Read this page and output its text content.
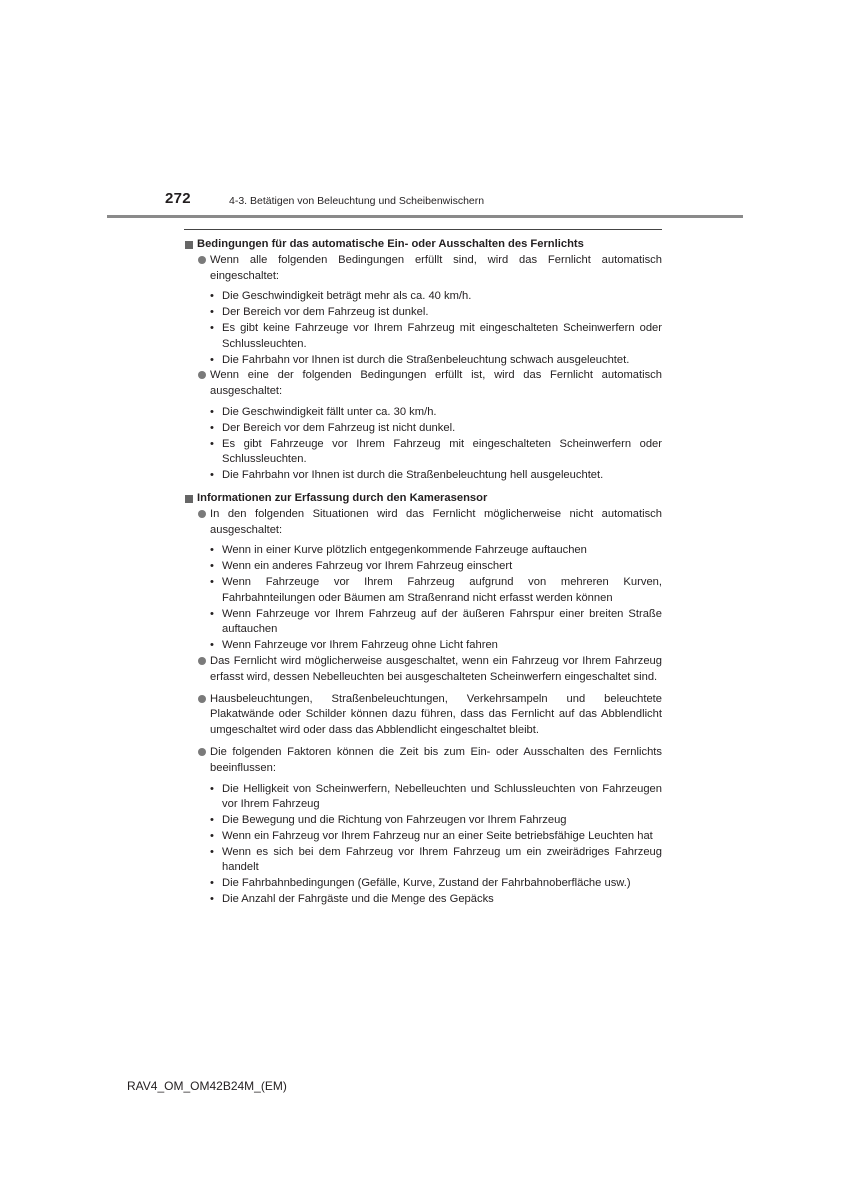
272	4-3. Betätigen von Beleuchtung und Scheibenwischern
Bedingungen für das automatische Ein- oder Ausschalten des Fernlichts
Wenn alle folgenden Bedingungen erfüllt sind, wird das Fernlicht automatisch eingeschaltet:
• Die Geschwindigkeit beträgt mehr als ca. 40 km/h.
• Der Bereich vor dem Fahrzeug ist dunkel.
• Es gibt keine Fahrzeuge vor Ihrem Fahrzeug mit eingeschalteten Scheinwerfern oder Schlussleuchten.
• Die Fahrbahn vor Ihnen ist durch die Straßenbeleuchtung schwach ausgeleuchtet.
Wenn eine der folgenden Bedingungen erfüllt ist, wird das Fernlicht automatisch ausgeschaltet:
• Die Geschwindigkeit fällt unter ca. 30 km/h.
• Der Bereich vor dem Fahrzeug ist nicht dunkel.
• Es gibt Fahrzeuge vor Ihrem Fahrzeug mit eingeschalteten Scheinwerfern oder Schlussleuchten.
• Die Fahrbahn vor Ihnen ist durch die Straßenbeleuchtung hell ausgeleuchtet.
Informationen zur Erfassung durch den Kamerasensor
In den folgenden Situationen wird das Fernlicht möglicherweise nicht automatisch ausgeschaltet:
• Wenn in einer Kurve plötzlich entgegenkommende Fahrzeuge auftauchen
• Wenn ein anderes Fahrzeug vor Ihrem Fahrzeug einschert
• Wenn Fahrzeuge vor Ihrem Fahrzeug aufgrund von mehreren Kurven, Fahrbahnteilungen oder Bäumen am Straßenrand nicht erfasst werden können
• Wenn Fahrzeuge vor Ihrem Fahrzeug auf der äußeren Fahrspur einer breiten Straße auftauchen
• Wenn Fahrzeuge vor Ihrem Fahrzeug ohne Licht fahren
Das Fernlicht wird möglicherweise ausgeschaltet, wenn ein Fahrzeug vor Ihrem Fahrzeug erfasst wird, dessen Nebelleuchten bei ausgeschalteten Scheinwerfern eingeschaltet sind.
Hausbeleuchtungen, Straßenbeleuchtungen, Verkehrsampeln und beleuchtete Plakatwände oder Schilder können dazu führen, dass das Fernlicht auf das Abblendlicht umgeschaltet wird oder dass das Abblendlicht eingeschaltet bleibt.
Die folgenden Faktoren können die Zeit bis zum Ein- oder Ausschalten des Fernlichts beeinflussen:
• Die Helligkeit von Scheinwerfern, Nebelleuchten und Schlussleuchten von Fahrzeugen vor Ihrem Fahrzeug
• Die Bewegung und die Richtung von Fahrzeugen vor Ihrem Fahrzeug
• Wenn ein Fahrzeug vor Ihrem Fahrzeug nur an einer Seite betriebsfähige Leuchten hat
• Wenn es sich bei dem Fahrzeug vor Ihrem Fahrzeug um ein zweirädriges Fahrzeug handelt
• Die Fahrbahnbedingungen (Gefälle, Kurve, Zustand der Fahrbahnoberfläche usw.)
• Die Anzahl der Fahrgäste und die Menge des Gepäcks
RAV4_OM_OM42B24M_(EM)
